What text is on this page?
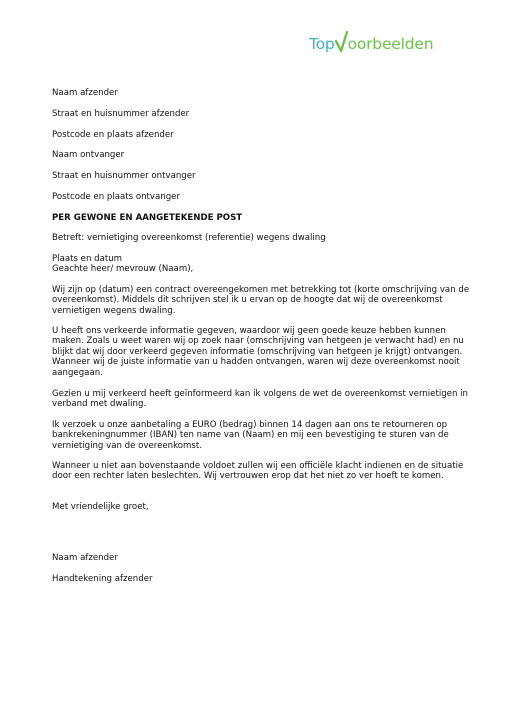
Top oorbeelden

Naam afzender

Straat en huisnummer afzender

Postcode en plaats afzender

Naam ontvanger

Straat en huisnummer ontvanger

Postcode en plaats ontvanger

PER GEWONE EN AANGETEKENDE POST

Betreft: vernietiging overeenkomst (referentie) wegens dwaling

Plaats en datum

Geachte heer/ mevrouw (Naam),
Wij zijn op (datum) een contract overeengekomen met betrekking tot (korte omschrijving van de overeenkomst). Middels dit schrijven stel ik u ervan op de hoogte dat wij de overeenkomst vernietigen wegens dwaling.
U heeft ons verkeerde informatie gegeven, waardoor wij geen goede keuze hebben kunnen maken. Zoals u weet waren wij op zoek naar (omschrijving van hetgeen je verwacht had) en nu blijkt dat wij door verkeerd gegeven informatie (omschrijving van hetgeen je krijgt) ontvangen. Wanneer wij de juiste informatie van u hadden ontvangen, waren wij deze overeenkomst nooit aangegaan.
Gezien u mij verkeerd heeft geïnformeerd kan ik volgens de wet de overeenkomst vernietigen in verband met dwaling.
Ik verzoek u onze aanbetaling a EURO (bedrag) binnen 14 dagen aan ons te retourneren op bankrekeningnummer (IBAN) ten name van (Naam) en mij een bevestiging te sturen van de vernietiging van de overeenkomst.
Wanneer u niet aan bovenstaande voldoet zullen wij een officiële klacht indienen en de situatie door een rechter laten beslechten. Wij vertrouwen erop dat het niet zo ver hoeft te komen.
Met vriendelijke groet,

Naam afzender

Handtekening afzender
